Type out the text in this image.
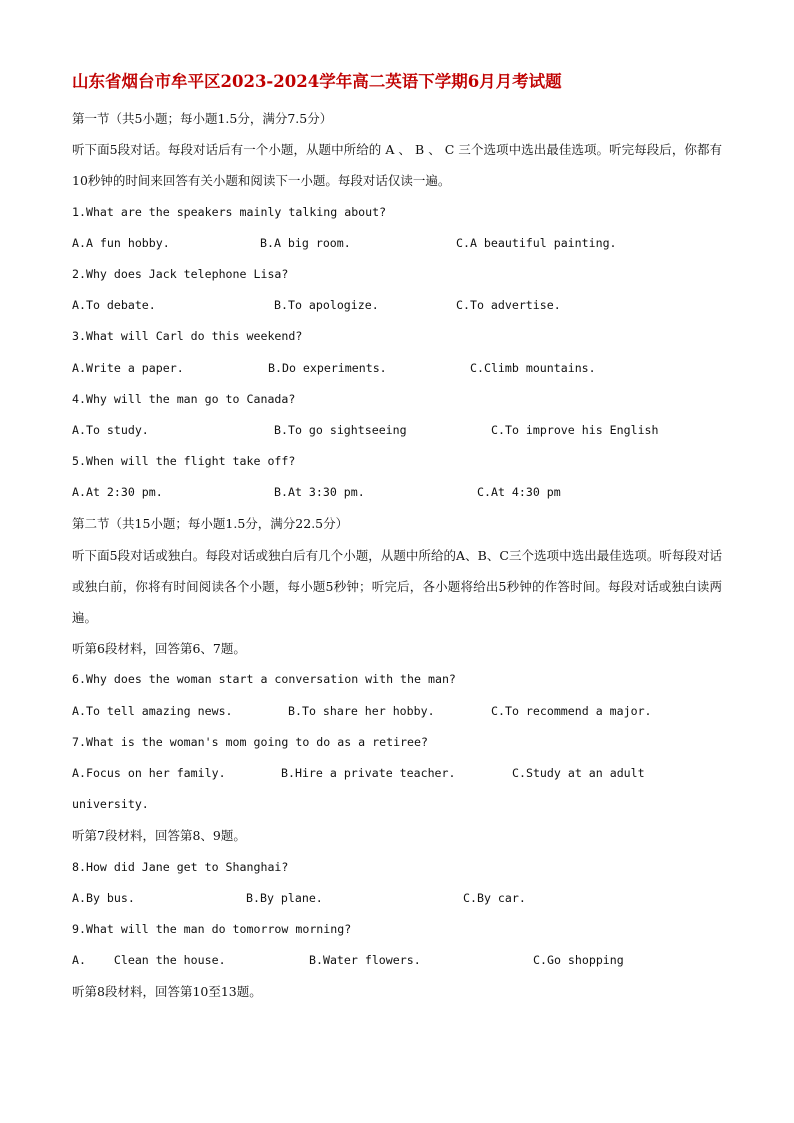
山东省烟台市牟平区2023-2024学年高二英语下学期6月月考试题
第一节（共5小题；每小题1.5分，满分7.5分）
听下面5段对话。每段对话后有一个小题，从题中所给的 A 、 B 、 C 三个选项中选出最佳选项。听完每段后，你都有10秒钟的时间来回答有关小题和阅读下一小题。每段对话仅读一遍。
1.What are the speakers mainly talking about?
A.A fun hobby.	B.A big room.	C.A beautiful painting.
2.Why does Jack telephone Lisa?
A.To debate.	B.To apologize.	C.To advertise.
3.What will Carl do this weekend?
A.Write a paper.	B.Do experiments.	C.Climb mountains.
4.Why will the man go to Canada?
A.To study.	B.To go sightseeing	C.To improve his English
5.When will the flight take off?
A.At 2:30 pm.	B.At 3:30 pm.	C.At 4:30 pm
第二节（共15小题；每小题1.5分，满分22.5分）
听下面5段对话或独白。每段对话或独白后有几个小题，从题中所给的A、B、C三个选项中选出最佳选项。听每段对话或独白前，你将有时间阅读各个小题，每小题5秒钟；听完后，各小题将给出5秒钟的作答时间。每段对话或独白读两遍。
听第6段材料，回答第6、7题。
6.Why does the woman start a conversation with the man?
A.To tell amazing news.	B.To share her hobby.	C.To recommend a major.
7.What is the woman's mom going to do as a retiree?
A.Focus on her family.	B.Hire a private teacher.	C.Study at an adult
university.
听第7段材料，回答第8、9题。
8.How did Jane get to Shanghai?
A.By bus.	B.By plane.	C.By car.
9.What will the man do tomorrow morning?
A.    Clean the house.	B.Water flowers.	C.Go shopping
听第8段材料，回答第10至13题。
